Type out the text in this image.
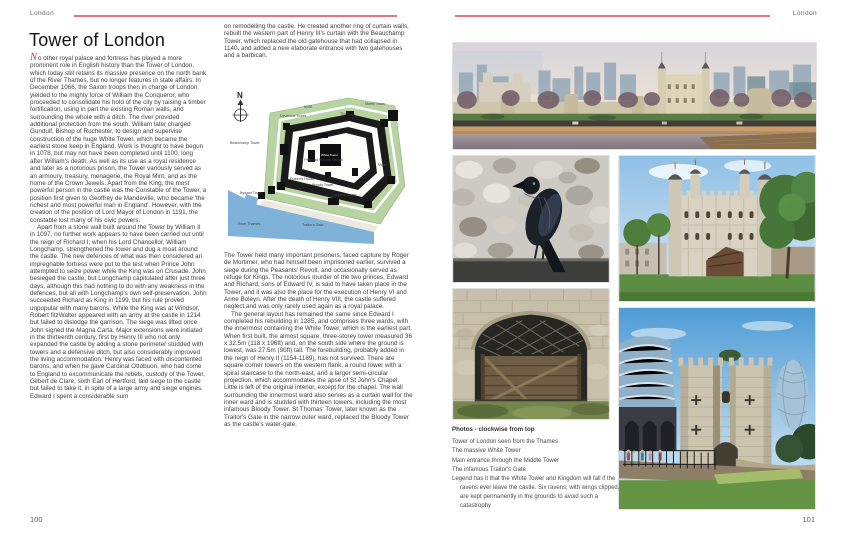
London
Tower of London

No other royal palace and fortress has played a more prominent role in English history than the Tower of London, which today still retains its massive presence on the north bank of the River Thames, but no longer features in state affairs. In December 1066, the Saxon troops then in charge of London yielded to the mighty force of William the Conqueror, who proceeded to consolidate his hold of the city by raising a timber fortification, using in part the existing Roman walls, and surrounding the whole with a ditch. The river provided additional protection from the south. William later charged Gundulf, Bishop of Rochester, to design and supervise construction of the huge White Tower, which became the earliest stone keep in England. Work is thought to have begun in 1078, but may not have been completed until 1100, long after William's death. As well as its use as a royal residence and later as a notorious prison, the Tower variously served as an armoury, treasury, menagerie, the Royal Mint, and as the home of the Crown Jewels. Apart from the King, the most powerful person in the castle was the Constable of the Tower, a position first given to Geoffrey de Mandeville, who became 'the richest and most powerful man in England'. However, with the creation of the position of Lord Mayor of London in 1191, the constable lost many of his civic powers.

Apart from a stone wall built around the Tower by William II in 1097, no further work appears to have been carried out until the reign of Richard I, when his Lord Chancellor, William Longchamp, strengthened the tower and dug a moat around the castle. The new defences of what was then considered an impregnable fortress were put to the test when Prince John attempted to seize power while the King was on Crusade. John besieged the castle, but Longchamp capitulated after just three days, although this had nothing to do with any weakness in the defences, but all with Longchamp's own self-preservation. John succeeded Richard as King in 1199, but his rule proved unpopular with many barons. While the King was at Windsor, Robert fitzWalter appeared with an army at the castle in 1214 but failed to dislodge the garrison. The siege was lifted once John signed the Magna Carta. Major extensions were initiated in the thirteenth century, first by Henry III who not only expanded the castle by adding a stone perimeter studded with towers and a defensive ditch, but also considerably improved the living accommodation. Henry was faced with discontented barons, and when he gave Cardinal Ottobuon, who had come to England to excommunicate the rebels, custody of the Tower, Gilbert de Clare, sixth Earl of Hertford, laid siege to the castle but failed to take it, in spite of a large army and siege engines. Edward I spent a considerable sum

on remodelling the castle. He created another ring of curtain walls, rebuilt the western part of Henry III's curtain with the Beauchamp Tower, which replaced the old gatehouse that had collapsed in 1140, and added a new elaborate entrance with two gatehouses and a barbican.

N
Devereux Tower
Moat
The Ditch
Martin Tower
Beauchamp Tower
St Peter ad Vincula Church
White Tower
Queen's House
Bloody Tower
Lanthorn Tower
Moat
Byward Tower
River Thames	Traitor's Gate

The Tower held many important prisoners, faced capture by Roger de Mortimer, who had himself been imprisoned earlier, survived a siege during the Peasants' Revolt, and occasionally served as refuge for Kings. The notorious murder of the two princes, Edward and Richard, sons of Edward IV, is said to have taken place in the Tower, and it was also the place for the execution of Henry VI and Anne Boleyn. After the death of Henry VIII, the castle suffered neglect and was only rarely used again as a royal palace.

The general layout has remained the same since Edward I completed his rebuilding in 1285, and comprises three wards, with the innermost containing the White Tower, which is the earliest part. When first built, the almost square, three-storey tower measured 36 x 32.5m (118 x 196ft) and, on the south side where the ground is lowest, was 27.5m (90ft) tall. The forebuilding, probably added in the reign of Henry II (1154-1189), has not survived. There are square corner towers on the western flank, a round tower with a spiral staircase to the north-east, and a larger semi-circular projection, which accommodates the apse of St John's Chapel. Little is left of the original interior, except for the chapel. The wall surrounding the innermost ward also serves as a curtain wall for the inner ward and is studded with thirteen towers, including the most infamous Bloody Tower. St Thomas' Tower, later known as the Traitor's Gate in the narrow outer ward, replaced the Bloody Tower as the castle's water-gate.

100
London
Photos - clockwise from top
Tower of London seen from the Thames
The massive White Tower
Main entrance through the Middle Tower
The infamous Traitor's Gate
Legend has it that the White Tower and Kingdom will fall if the ravens ever leave the castle. Six ravens, with wings clipped, are kept permanently in the grounds to avoid such a catastrophy
101
